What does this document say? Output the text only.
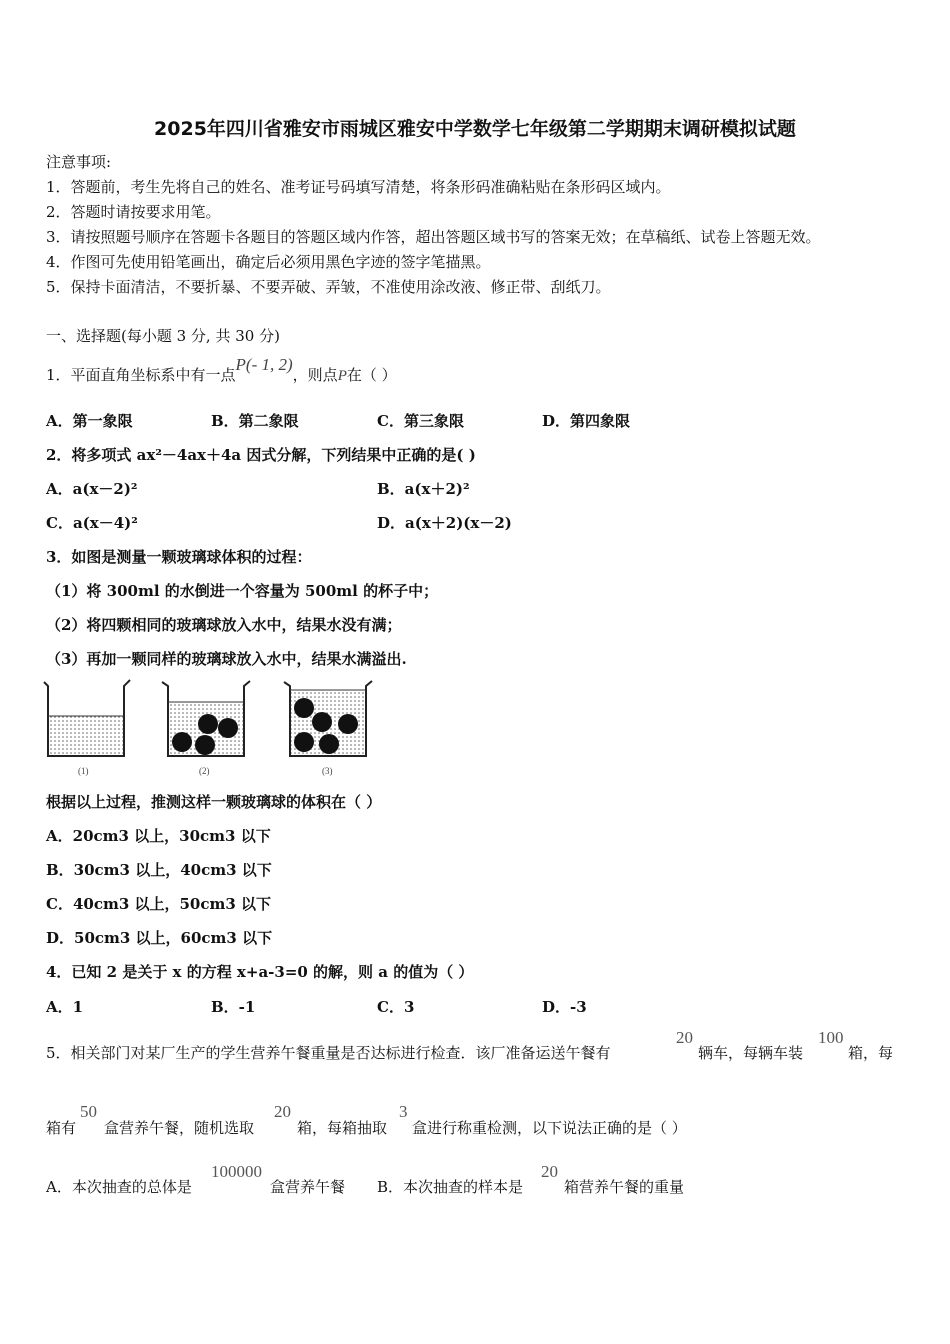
2025年四川省雅安市雨城区雅安中学数学七年级第二学期期末调研模拟试题
注意事项:
1．答题前，考生先将自己的姓名、准考证号码填写清楚，将条形码准确粘贴在条形码区域内。
2．答题时请按要求用笔。
3．请按照题号顺序在答题卡各题目的答题区域内作答，超出答题区域书写的答案无效；在草稿纸、试卷上答题无效。
4．作图可先使用铅笔画出，确定后必须用黑色字迹的签字笔描黑。
5．保持卡面清洁，不要折暴、不要弄破、弄皱，不准使用涂改液、修正带、刮纸刀。
一、选择题(每小题 3 分, 共 30 分)
1．平面直角坐标系中有一点P(- 1, 2)，则点P在（ ）
A．第一象限	B．第二象限	C．第三象限	D．第四象限
2．将多项式 ax²－4ax＋4a 因式分解，下列结果中正确的是( )
A．a(x－2)²	B．a(x＋2)²
C．a(x－4)²	D．a(x＋2)(x－2)
3．如图是测量一颗玻璃球体积的过程：
（1）将 300ml 的水倒进一个容量为 500ml 的杯子中；
（2）将四颗相同的玻璃球放入水中，结果水没有满；
（3）再加一颗同样的玻璃球放入水中，结果水满溢出.
(1)	(2)	(3)
根据以上过程，推测这样一颗玻璃球的体积在（ ）
A．20cm3 以上，30cm3 以下
B．30cm3 以上，40cm3 以下
C．40cm3 以上，50cm3 以下
D．50cm3 以上，60cm3 以下
4．已知 2 是关于 x 的方程 x+a-3=0 的解，则 a 的值为（ ）
A．1	B．-1	C．3	D．-3
5．相关部门对某厂生产的学生营养午餐重量是否达标进行检查．该厂准备运送午餐有
20
辆车，每辆车装
100
箱，每
箱有
50
盒营养午餐，随机选取
20
箱，每箱抽取
3
盒进行称重检测，以下说法正确的是（ ）
A．本次抽查的总体是
100000
盒营养午餐 B．本次抽查的样本是
20
箱营养午餐的重量
